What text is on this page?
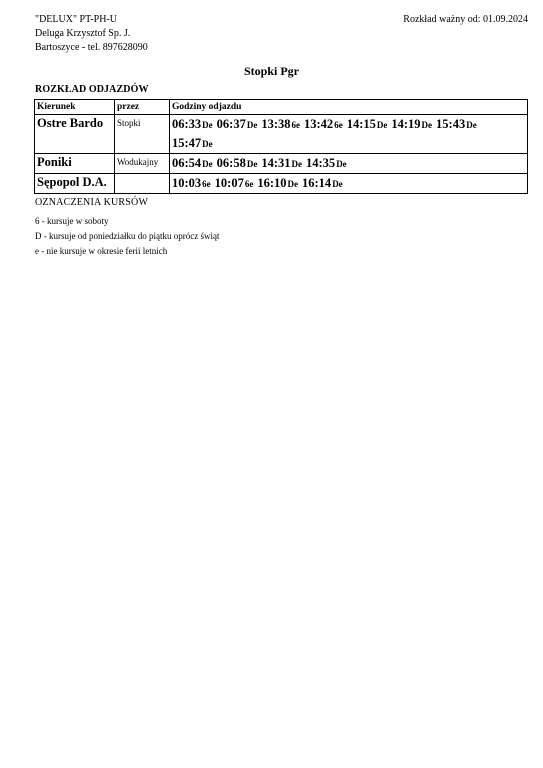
"DELUX" PT-PH-U
Deluga Krzysztof Sp. J.
Bartoszyce - tel. 897628090
Rozkład ważny od: 01.09.2024
Stopki Pgr
ROZKŁAD ODJAZDÓW
Kierunek	przez	Godziny odjazdu
Ostre Bardo	Stopki	06:33De 06:37De 13:386e 13:426e 14:15De 14:19De 15:43De15:47De
Poniki	Wodukajny	06:54De 06:58De 14:31De 14:35De
Sępopol D.A.		10:036e 10:076e 16:10De 16:14De
OZNACZENIA KURSÓW
6 - kursuje w soboty
D - kursuje od poniedziałku do piątku oprócz świąt
e - nie kursuje w okresie ferii letnich
